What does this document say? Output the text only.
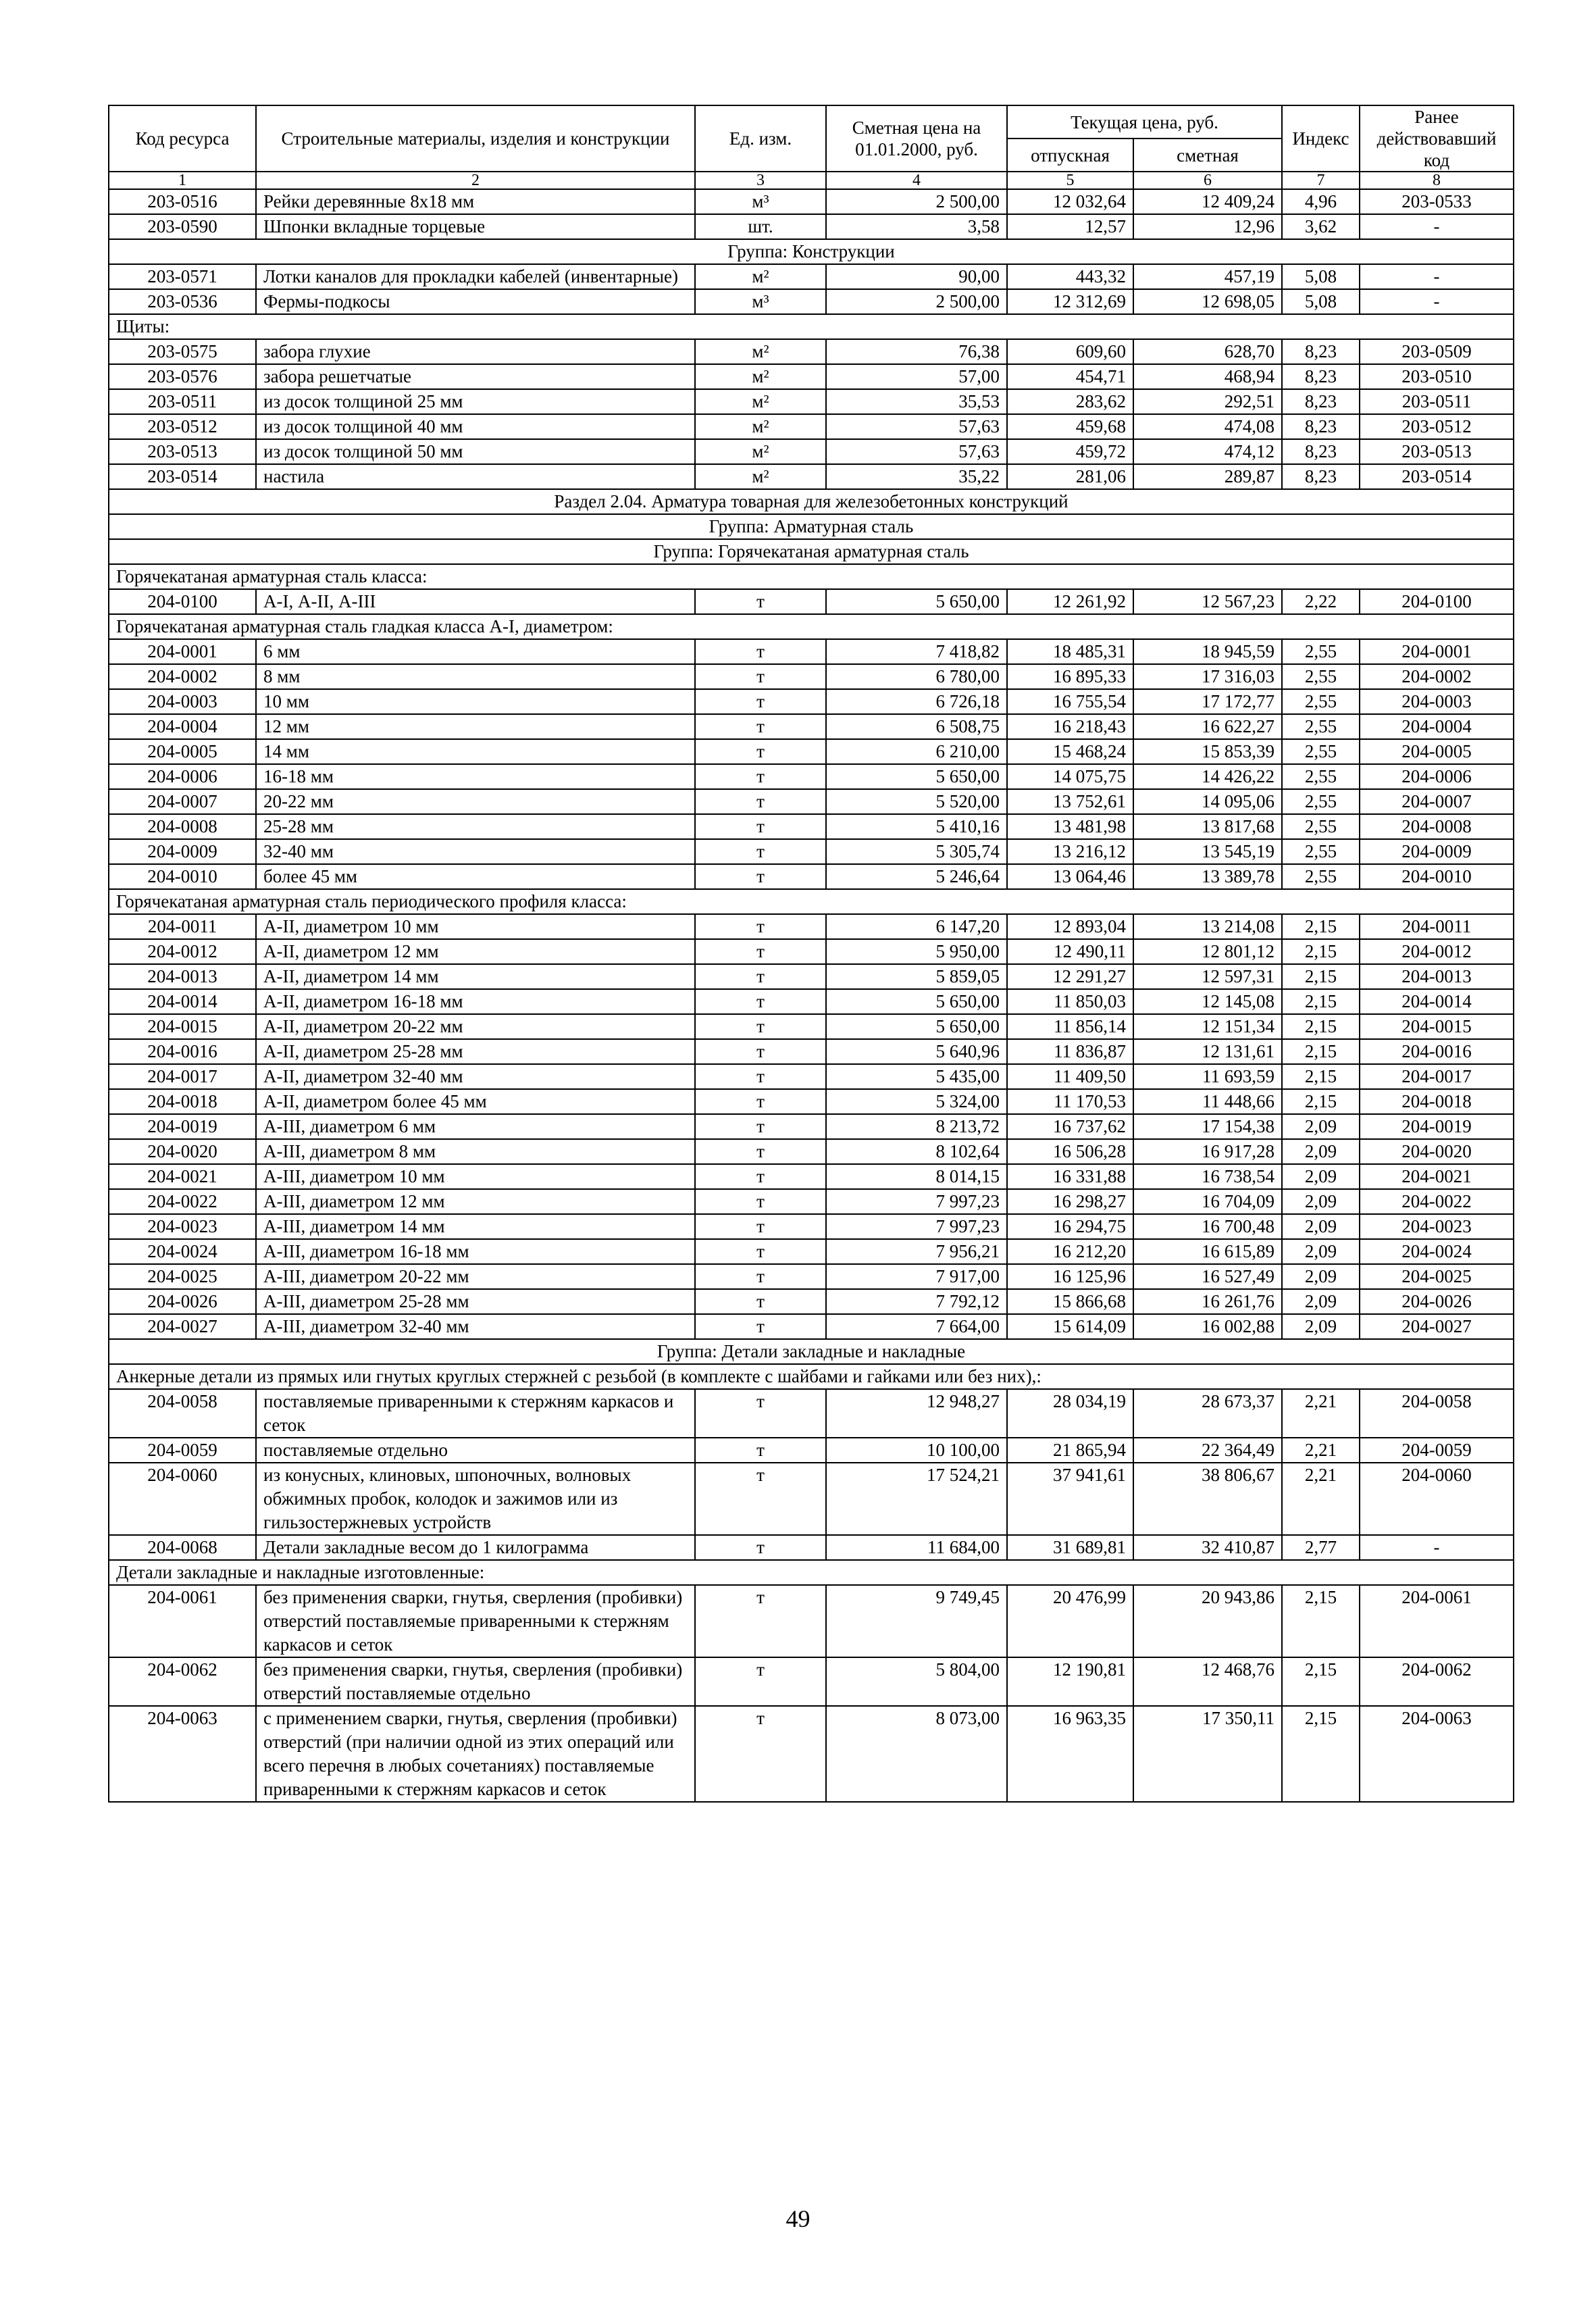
Код ресурса	Строительные материалы, изделия и конструкции	Ед. изм.	Сметная цена на 01.01.2000, руб.	Текущая цена, руб.		Индекс	Ранее действовавший код
				отпускная	сметная		
1	2	3	4	5	6	7	8
203-0516	Рейки деревянные 8х18 мм	м³	2 500,00	12 032,64	12 409,24	4,96	203-0533
203-0590	Шпонки вкладные торцевые	шт.	3,58	12,57	12,96	3,62	-
Группа: Конструкции							
203-0571	Лотки каналов для прокладки кабелей (инвентарные)	м²	90,00	443,32	457,19	5,08	-
203-0536	Фермы-подкосы	м³	2 500,00	12 312,69	12 698,05	5,08	-
Щиты:							
203-0575	забора глухие	м²	76,38	609,60	628,70	8,23	203-0509
203-0576	забора решетчатые	м²	57,00	454,71	468,94	8,23	203-0510
203-0511	из досок толщиной 25 мм	м²	35,53	283,62	292,51	8,23	203-0511
203-0512	из досок толщиной 40 мм	м²	57,63	459,68	474,08	8,23	203-0512
203-0513	из досок толщиной 50 мм	м²	57,63	459,72	474,12	8,23	203-0513
203-0514	настила	м²	35,22	281,06	289,87	8,23	203-0514
Раздел 2.04. Арматура товарная для железобетонных конструкций							
Группа: Арматурная сталь							
Группа: Горячекатаная арматурная сталь							
Горячекатаная арматурная сталь класса:							
204-0100	А-I, А-II, А-III	т	5 650,00	12 261,92	12 567,23	2,22	204-0100
Горячекатаная арматурная сталь гладкая класса А-I, диаметром:							
204-0001	6 мм	т	7 418,82	18 485,31	18 945,59	2,55	204-0001
204-0002	8 мм	т	6 780,00	16 895,33	17 316,03	2,55	204-0002
204-0003	10 мм	т	6 726,18	16 755,54	17 172,77	2,55	204-0003
204-0004	12 мм	т	6 508,75	16 218,43	16 622,27	2,55	204-0004
204-0005	14 мм	т	6 210,00	15 468,24	15 853,39	2,55	204-0005
204-0006	16-18 мм	т	5 650,00	14 075,75	14 426,22	2,55	204-0006
204-0007	20-22 мм	т	5 520,00	13 752,61	14 095,06	2,55	204-0007
204-0008	25-28 мм	т	5 410,16	13 481,98	13 817,68	2,55	204-0008
204-0009	32-40 мм	т	5 305,74	13 216,12	13 545,19	2,55	204-0009
204-0010	более 45 мм	т	5 246,64	13 064,46	13 389,78	2,55	204-0010
Горячекатаная арматурная сталь периодического профиля класса:							
204-0011	А-II, диаметром 10 мм	т	6 147,20	12 893,04	13 214,08	2,15	204-0011
204-0012	А-II, диаметром 12 мм	т	5 950,00	12 490,11	12 801,12	2,15	204-0012
204-0013	А-II, диаметром 14 мм	т	5 859,05	12 291,27	12 597,31	2,15	204-0013
204-0014	А-II, диаметром 16-18 мм	т	5 650,00	11 850,03	12 145,08	2,15	204-0014
204-0015	А-II, диаметром 20-22 мм	т	5 650,00	11 856,14	12 151,34	2,15	204-0015
204-0016	А-II, диаметром 25-28 мм	т	5 640,96	11 836,87	12 131,61	2,15	204-0016
204-0017	А-II, диаметром 32-40 мм	т	5 435,00	11 409,50	11 693,59	2,15	204-0017
204-0018	А-II, диаметром более 45 мм	т	5 324,00	11 170,53	11 448,66	2,15	204-0018
204-0019	А-III, диаметром 6 мм	т	8 213,72	16 737,62	17 154,38	2,09	204-0019
204-0020	А-III, диаметром 8 мм	т	8 102,64	16 506,28	16 917,28	2,09	204-0020
204-0021	А-III, диаметром 10 мм	т	8 014,15	16 331,88	16 738,54	2,09	204-0021
204-0022	А-III, диаметром 12 мм	т	7 997,23	16 298,27	16 704,09	2,09	204-0022
204-0023	А-III, диаметром 14 мм	т	7 997,23	16 294,75	16 700,48	2,09	204-0023
204-0024	А-III, диаметром 16-18 мм	т	7 956,21	16 212,20	16 615,89	2,09	204-0024
204-0025	А-III, диаметром 20-22 мм	т	7 917,00	16 125,96	16 527,49	2,09	204-0025
204-0026	А-III, диаметром 25-28 мм	т	7 792,12	15 866,68	16 261,76	2,09	204-0026
204-0027	А-III, диаметром 32-40 мм	т	7 664,00	15 614,09	16 002,88	2,09	204-0027
Группа: Детали закладные и накладные							
Анкерные детали из прямых или гнутых круглых стержней с резьбой (в комплекте с шайбами и гайками или без них),:							
204-0058	поставляемые приваренными к стержням каркасов и сеток	т	12 948,27	28 034,19	28 673,37	2,21	204-0058
204-0059	поставляемые отдельно	т	10 100,00	21 865,94	22 364,49	2,21	204-0059
204-0060	из конусных, клиновых, шпоночных, волновых обжимных пробок, колодок и зажимов или из гильзостержневых устройств	т	17 524,21	37 941,61	38 806,67	2,21	204-0060
204-0068	Детали закладные весом до 1 килограмма	т	11 684,00	31 689,81	32 410,87	2,77	-
Детали закладные и накладные изготовленные:							
204-0061	без применения сварки, гнутья, сверления (пробивки) отверстий поставляемые приваренными к стержням каркасов и сеток	т	9 749,45	20 476,99	20 943,86	2,15	204-0061
204-0062	без применения сварки, гнутья, сверления (пробивки) отверстий поставляемые отдельно	т	5 804,00	12 190,81	12 468,76	2,15	204-0062
204-0063	с применением сварки, гнутья, сверления (пробивки) отверстий (при наличии одной из этих операций или всего перечня в любых сочетаниях) поставляемые приваренными к стержням каркасов и сеток	т	8 073,00	16 963,35	17 350,11	2,15	204-0063
49
